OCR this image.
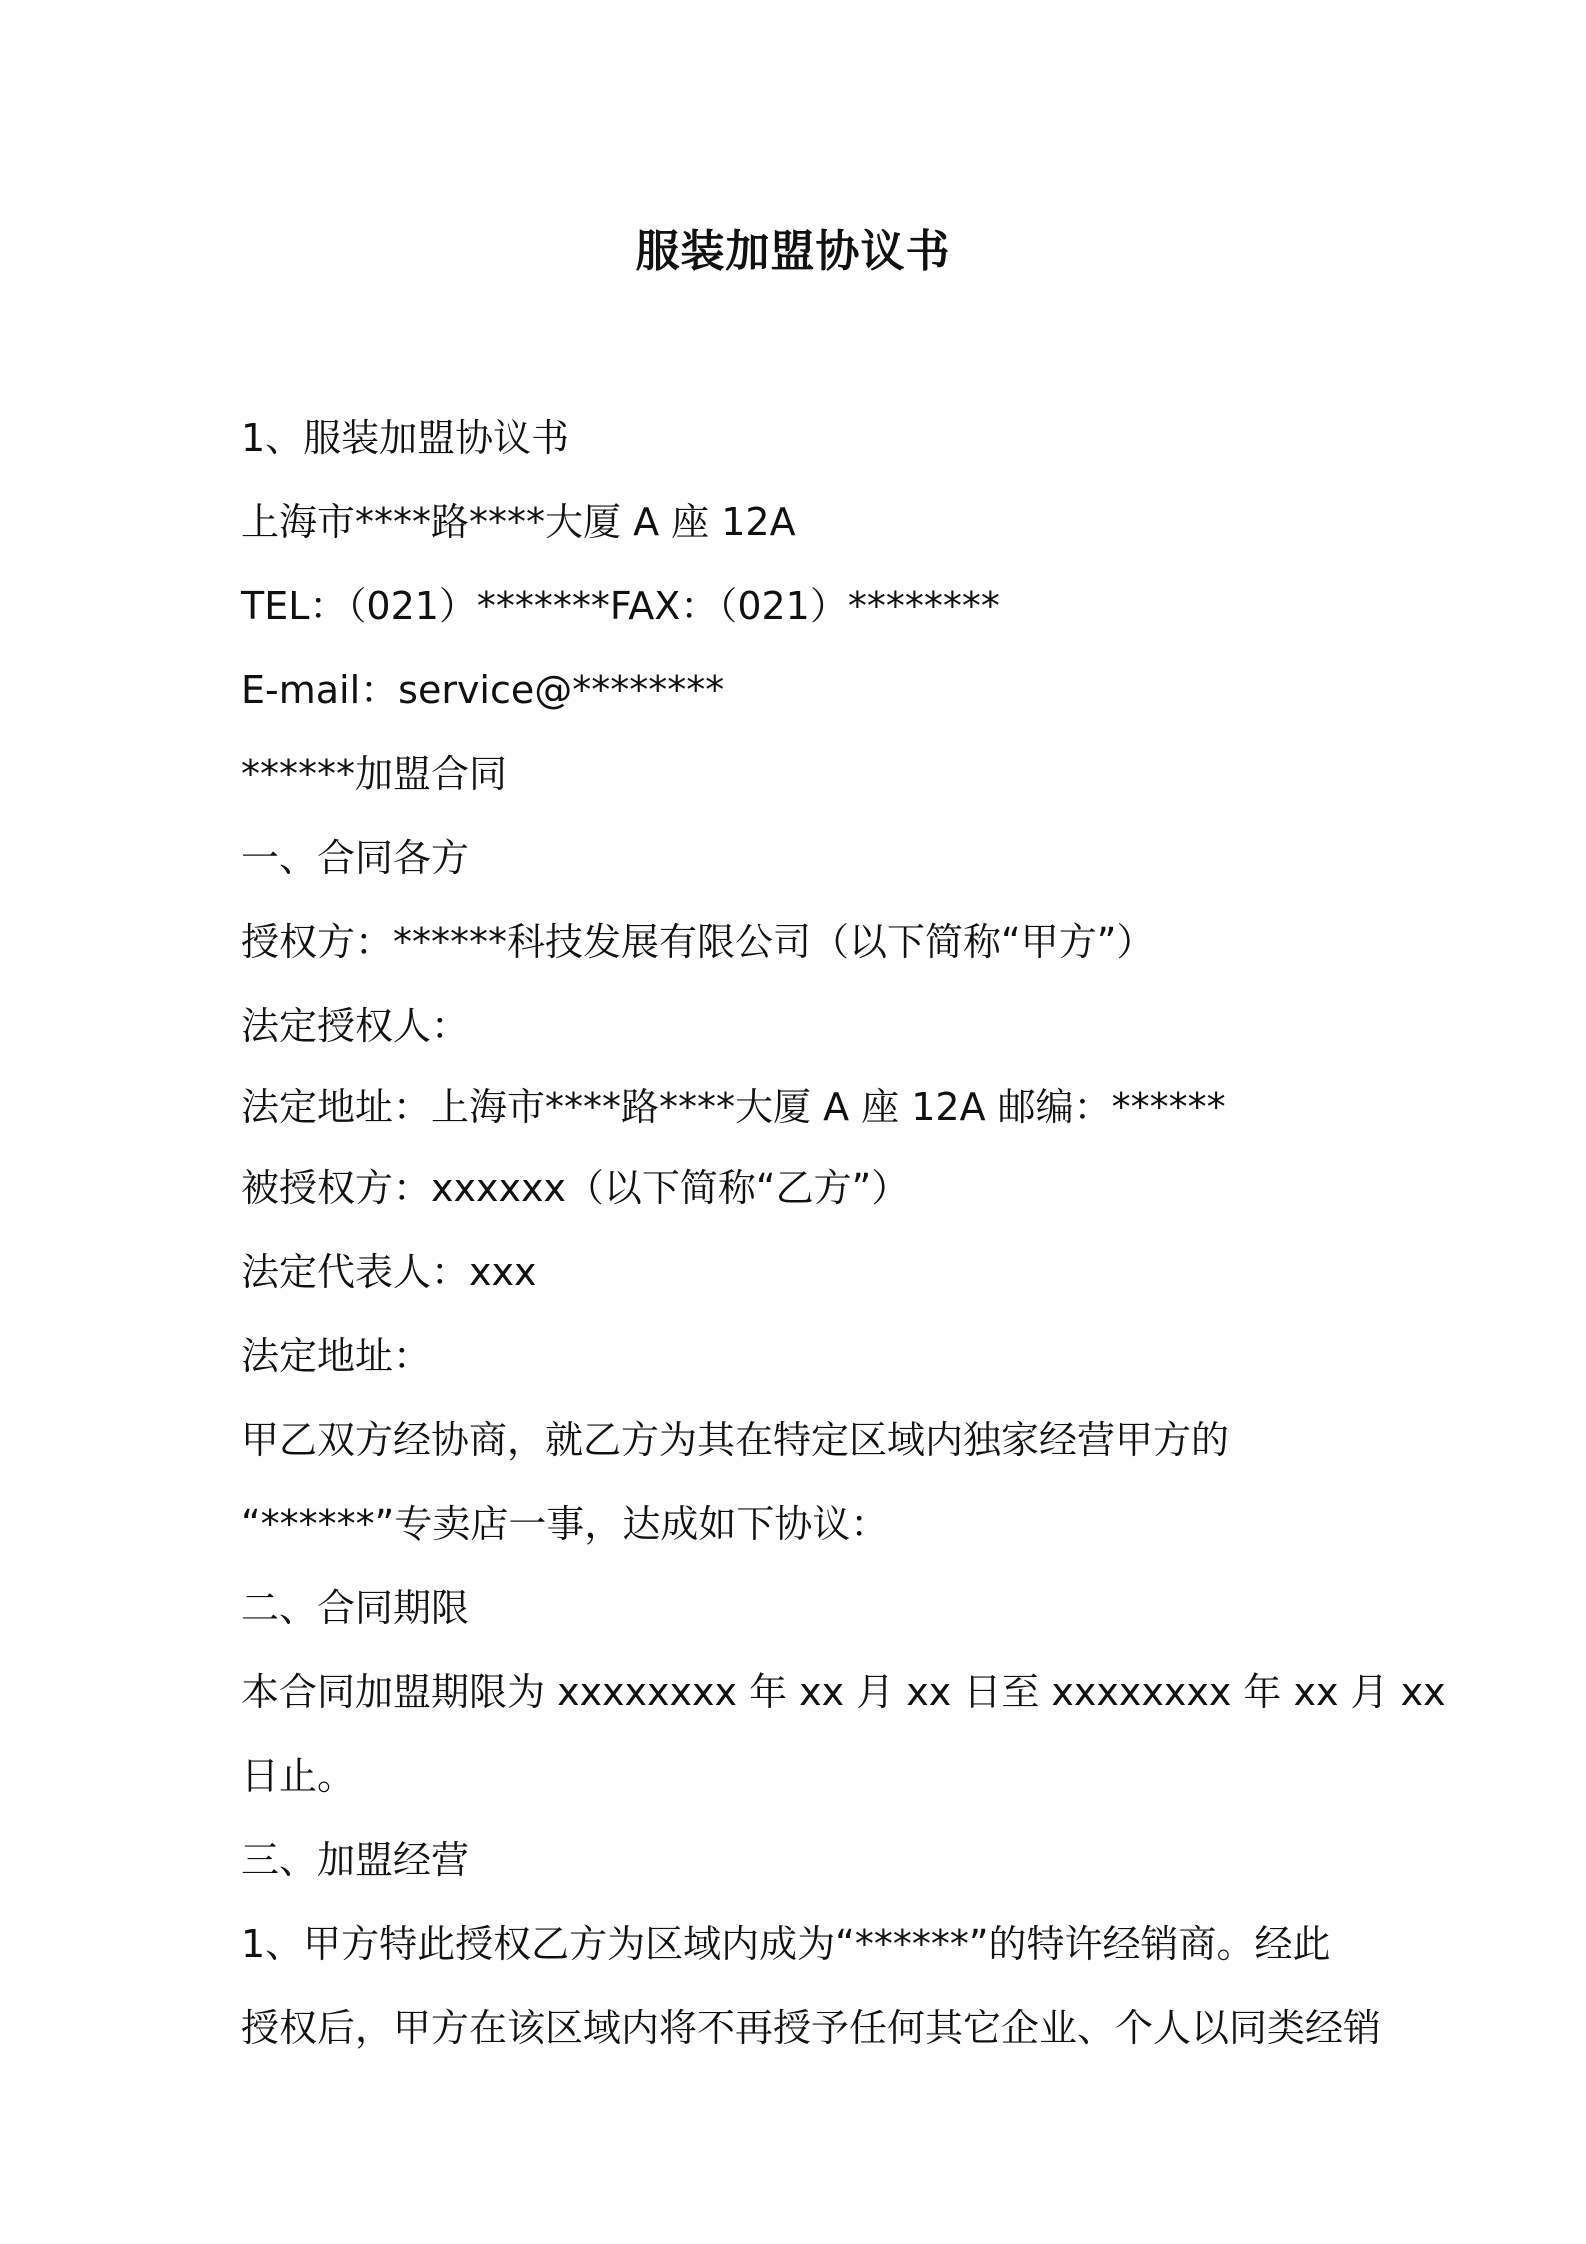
服装加盟协议书

1、服装加盟协议书

上海市****路****大厦 A 座 12A

TEL：（021）*******FAX：（021）********

E-mail：service@********

******加盟合同

一、合同各方

授权方：******科技发展有限公司（以下简称“甲方”）

法定授权人：

法定地址：上海市****路****大厦 A 座 12A 邮编：******

被授权方：xxxxxx（以下简称“乙方”）

法定代表人：xxx

法定地址：

甲乙双方经协商，就乙方为其在特定区域内独家经营甲方的

“******”专卖店一事，达成如下协议：

二、合同期限

本合同加盟期限为 xxxxxxxx 年 xx 月 xx 日至 xxxxxxxx 年 xx 月 xx

日止。

三、加盟经营

1、甲方特此授权乙方为区域内成为“******”的特许经销商。经此

授权后，甲方在该区域内将不再授予任何其它企业、个人以同类经销
